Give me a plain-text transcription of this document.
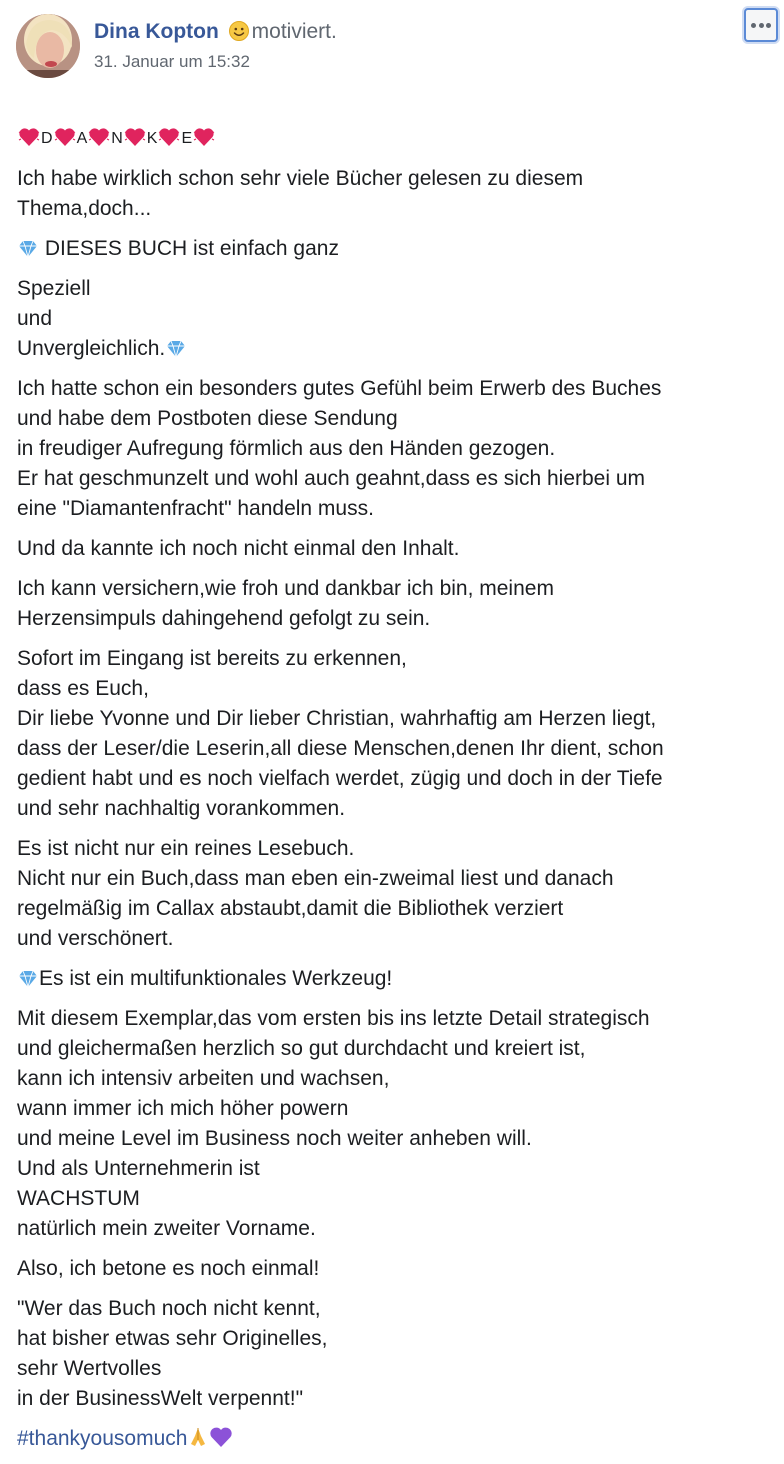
Dina Kopton motiviert.
31. Januar um 15:32

D A N K E

Ich habe wirklich schon sehr viele Bücher gelesen zu diesem
Thema,doch...

DIESES BUCH ist einfach ganz

Speziell
und
Unvergleichlich.

Ich hatte schon ein besonders gutes Gefühl beim Erwerb des Buches
und habe dem Postboten diese Sendung
in freudiger Aufregung förmlich aus den Händen gezogen.
Er hat geschmunzelt und wohl auch geahnt,dass es sich hierbei um
eine "Diamantenfracht" handeln muss.

Und da kannte ich noch nicht einmal den Inhalt.

Ich kann versichern,wie froh und dankbar ich bin, meinem
Herzensimpuls dahingehend gefolgt zu sein.

Sofort im Eingang ist bereits zu erkennen,
dass es Euch,
Dir liebe Yvonne und Dir lieber Christian, wahrhaftig am Herzen liegt,
dass der Leser/die Leserin,all diese Menschen,denen Ihr dient, schon
gedient habt und es noch vielfach werdet, zügig und doch in der Tiefe
und sehr nachhaltig vorankommen.

Es ist nicht nur ein reines Lesebuch.
Nicht nur ein Buch,dass man eben ein-zweimal liest und danach
regelmäßig im Callax abstaubt,damit die Bibliothek verziert
und verschönert.

Es ist ein multifunktionales Werkzeug!

Mit diesem Exemplar,das vom ersten bis ins letzte Detail strategisch
und gleichermaßen herzlich so gut durchdacht und kreiert ist,
kann ich intensiv arbeiten und wachsen,
wann immer ich mich höher powern
und meine Level im Business noch weiter anheben will.
Und als Unternehmerin ist
WACHSTUM
natürlich mein zweiter Vorname.

Also, ich betone es noch einmal!

"Wer das Buch noch nicht kennt,
hat bisher etwas sehr Originelles,
sehr Wertvolles
in der BusinessWelt verpennt!"

#thankyousomuch
